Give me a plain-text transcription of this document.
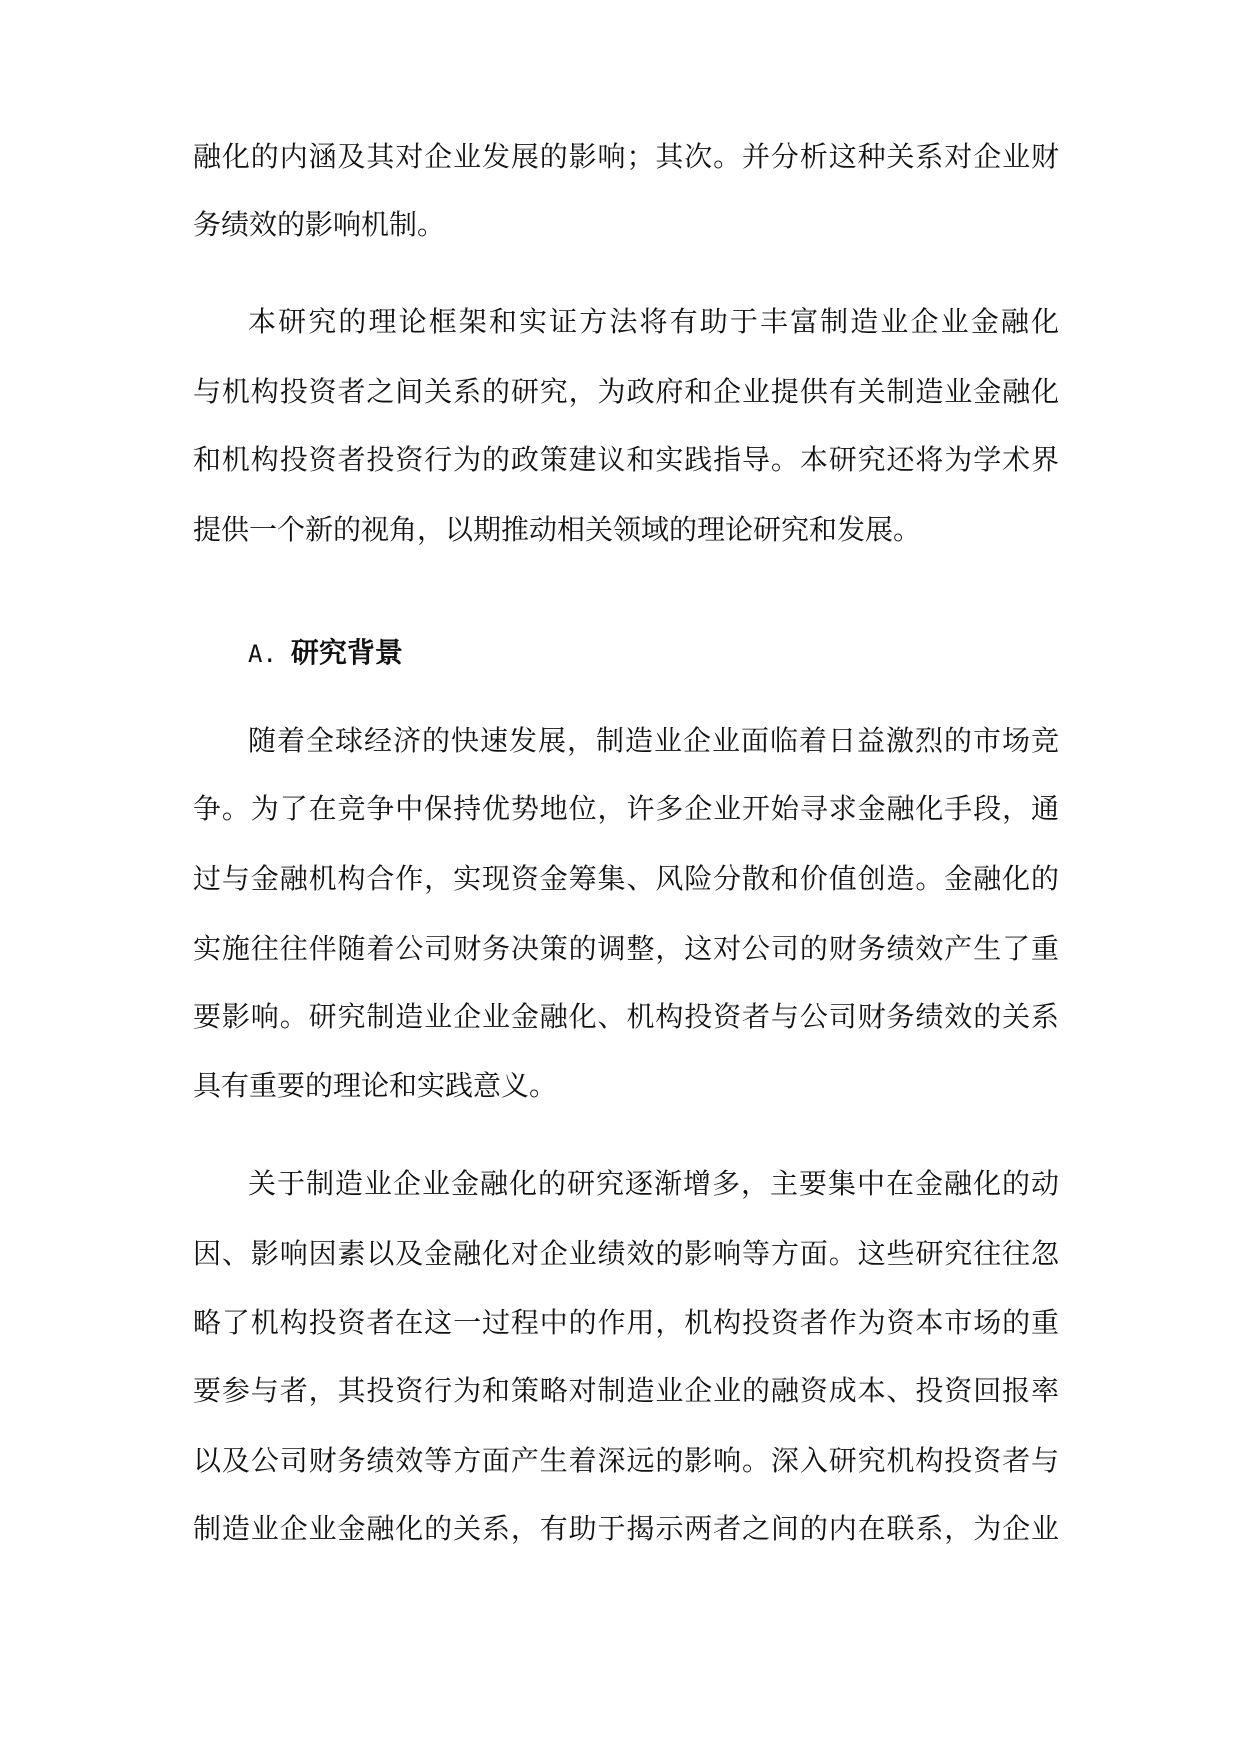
融化的内涵及其对企业发展的影响；其次。并分析这种关系对企业财
务绩效的影响机制。
本研究的理论框架和实证方法将有助于丰富制造业企业金融化
与机构投资者之间关系的研究，为政府和企业提供有关制造业金融化
和机构投资者投资行为的政策建议和实践指导。本研究还将为学术界
提供一个新的视角，以期推动相关领域的理论研究和发展。
A. 研究背景
随着全球经济的快速发展，制造业企业面临着日益激烈的市场竞
争。为了在竞争中保持优势地位，许多企业开始寻求金融化手段，通
过与金融机构合作，实现资金筹集、风险分散和价值创造。金融化的
实施往往伴随着公司财务决策的调整，这对公司的财务绩效产生了重
要影响。研究制造业企业金融化、机构投资者与公司财务绩效的关系
具有重要的理论和实践意义。
关于制造业企业金融化的研究逐渐增多，主要集中在金融化的动
因、影响因素以及金融化对企业绩效的影响等方面。这些研究往往忽
略了机构投资者在这一过程中的作用，机构投资者作为资本市场的重
要参与者，其投资行为和策略对制造业企业的融资成本、投资回报率
以及公司财务绩效等方面产生着深远的影响。深入研究机构投资者与
制造业企业金融化的关系，有助于揭示两者之间的内在联系，为企业
